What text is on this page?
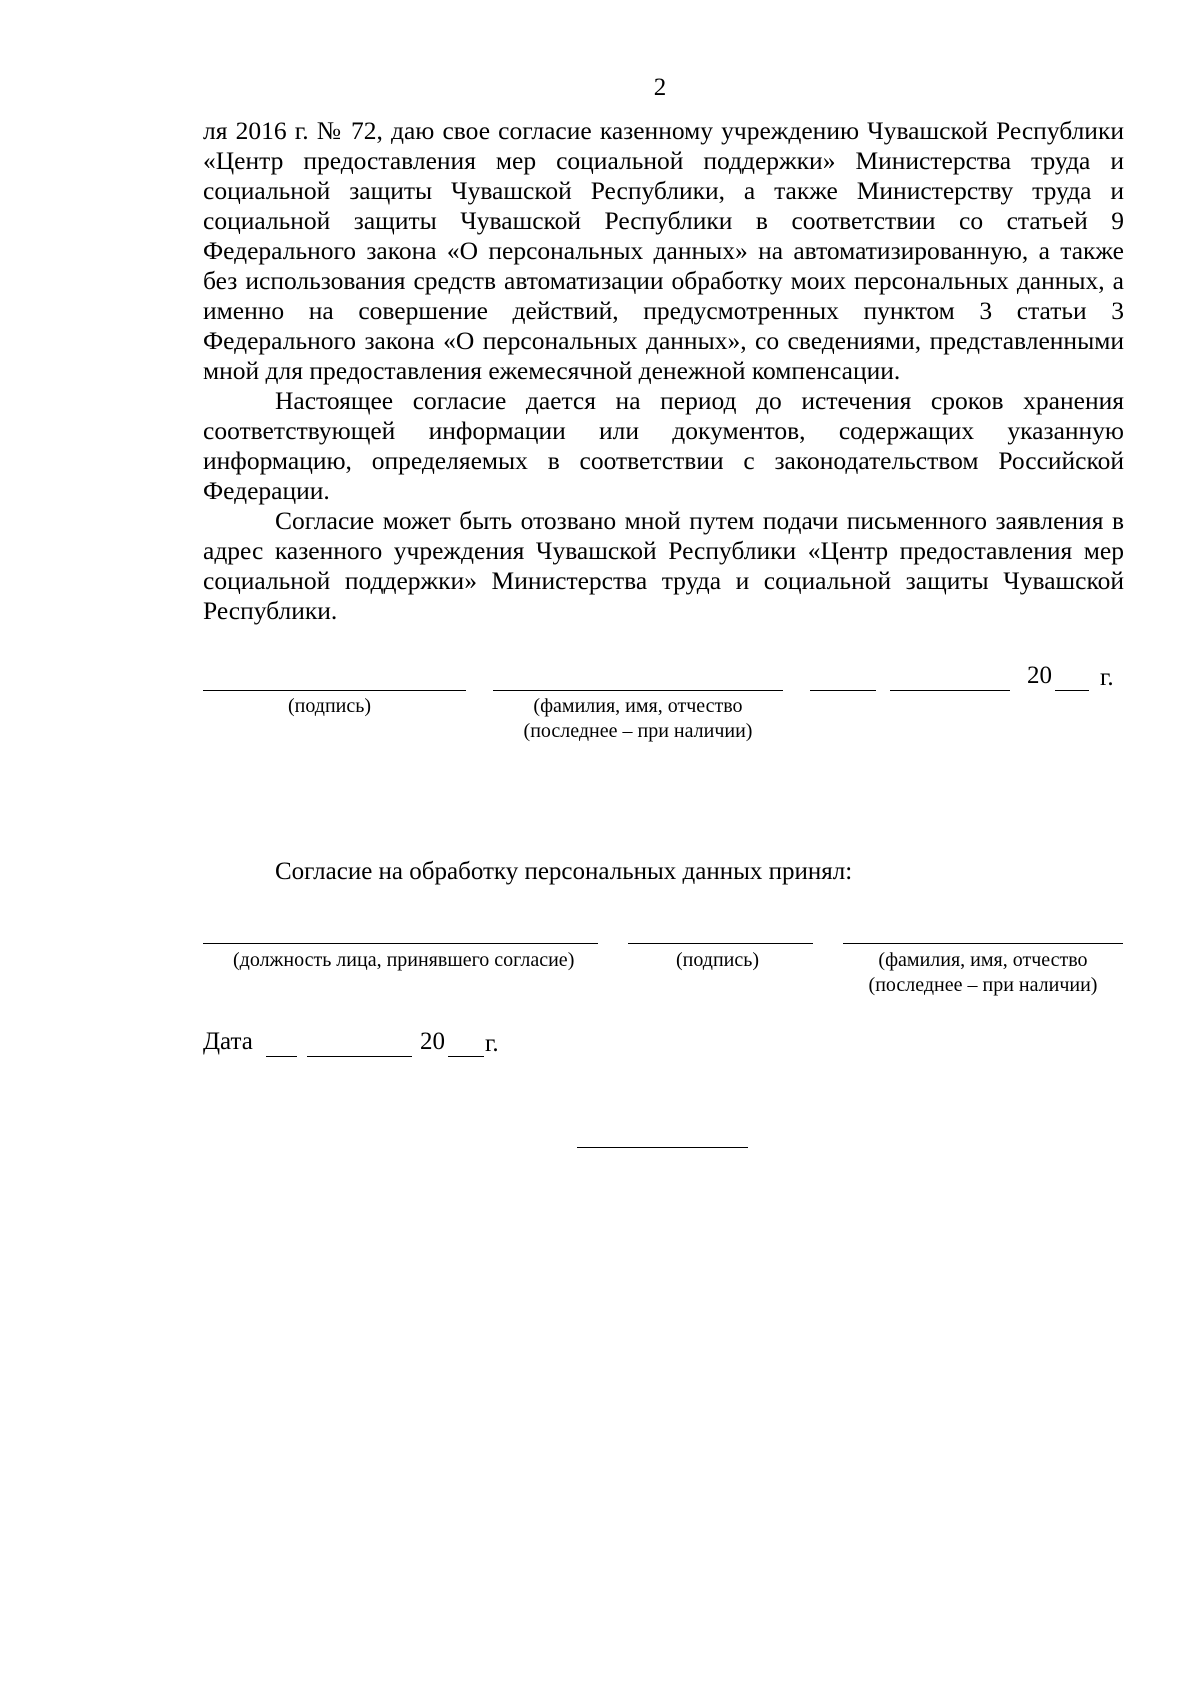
2

ля 2016 г. № 72, даю свое согласие казенному учреждению Чувашской Республики «Центр предоставления мер социальной поддержки» Министерства труда и социальной защиты Чувашской Республики, а также Министерству труда и социальной защиты Чувашской Республики в соответствии со статьей 9 Федерального закона «О персональных данных» на автоматизированную, а также без использования средств автоматизации обработку моих персональных данных, а именно на совершение действий, предусмотренных пунктом 3 статьи 3 Федерального закона «О персональных данных», со сведениями, представленными мной для предоставления ежемесячной денежной компенсации.

Настоящее согласие дается на период до истечения сроков хранения соответствующей информации или документов, содержащих указанную информацию, определяемых в соответствии с законодательством Российской Федерации.

Согласие может быть отозвано мной путем подачи письменного заявления в адрес казенного учреждения Чувашской Республики «Центр предоставления мер социальной поддержки» Министерства труда и социальной защиты Чувашской Республики.

20 г.
(подпись)	(фамилия, имя, отчество
(последнее – при наличии)
Согласие на обработку персональных данных принял:
(должность лица, принявшего согласие)	(подпись)	(фамилия, имя, отчество
(последнее – при наличии)
Дата	20 г.
